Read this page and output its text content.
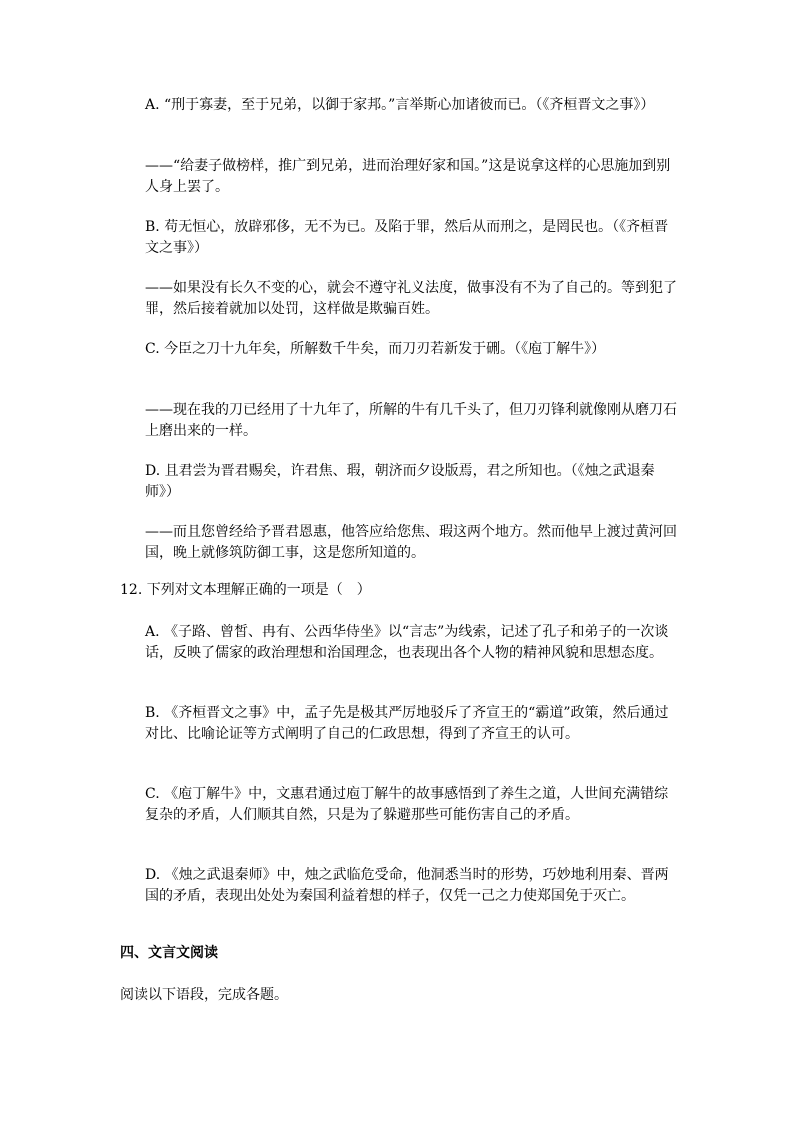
A. “刑于寡妻，至于兄弟，以御于家邦。”言举斯心加诸彼而已。（《齐桓晋文之事》）
——“给妻子做榜样，推广到兄弟，进而治理好家和国。”这是说拿这样的心思施加到别人身上罢了。
B. 苟无恒心，放辟邪侈，无不为已。及陷于罪，然后从而刑之，是罔民也。（《齐桓晋文之事》）
——如果没有长久不变的心，就会不遵守礼义法度，做事没有不为了自己的。等到犯了罪，然后接着就加以处罚，这样做是欺骗百姓。
C. 今臣之刀十九年矣，所解数千牛矣，而刀刃若新发于硎。（《庖丁解牛》）
——现在我的刀已经用了十九年了，所解的牛有几千头了，但刀刃锋利就像刚从磨刀石上磨出来的一样。
D. 且君尝为晋君赐矣，许君焦、瑕，朝济而夕设版焉，君之所知也。（《烛之武退秦师》）
——而且您曾经给予晋君恩惠，他答应给您焦、瑕这两个地方。然而他早上渡过黄河回国，晚上就修筑防御工事，这是您所知道的。
12. 下列对文本理解正确的一项是（　）
A. 《子路、曾皙、冉有、公西华侍坐》以“言志”为线索，记述了孔子和弟子的一次谈话，反映了儒家的政治理想和治国理念，也表现出各个人物的精神风貌和思想态度。
B. 《齐桓晋文之事》中，孟子先是极其严厉地驳斥了齐宣王的“霸道”政策，然后通过对比、比喻论证等方式阐明了自己的仁政思想，得到了齐宣王的认可。
C. 《庖丁解牛》中，文惠君通过庖丁解牛的故事感悟到了养生之道，人世间充满错综复杂的矛盾，人们顺其自然，只是为了躲避那些可能伤害自己的矛盾。
D. 《烛之武退秦师》中，烛之武临危受命，他洞悉当时的形势，巧妙地利用秦、晋两国的矛盾，表现出处处为秦国利益着想的样子，仅凭一己之力使郑国免于灭亡。
四、文言文阅读
阅读以下语段，完成各题。
